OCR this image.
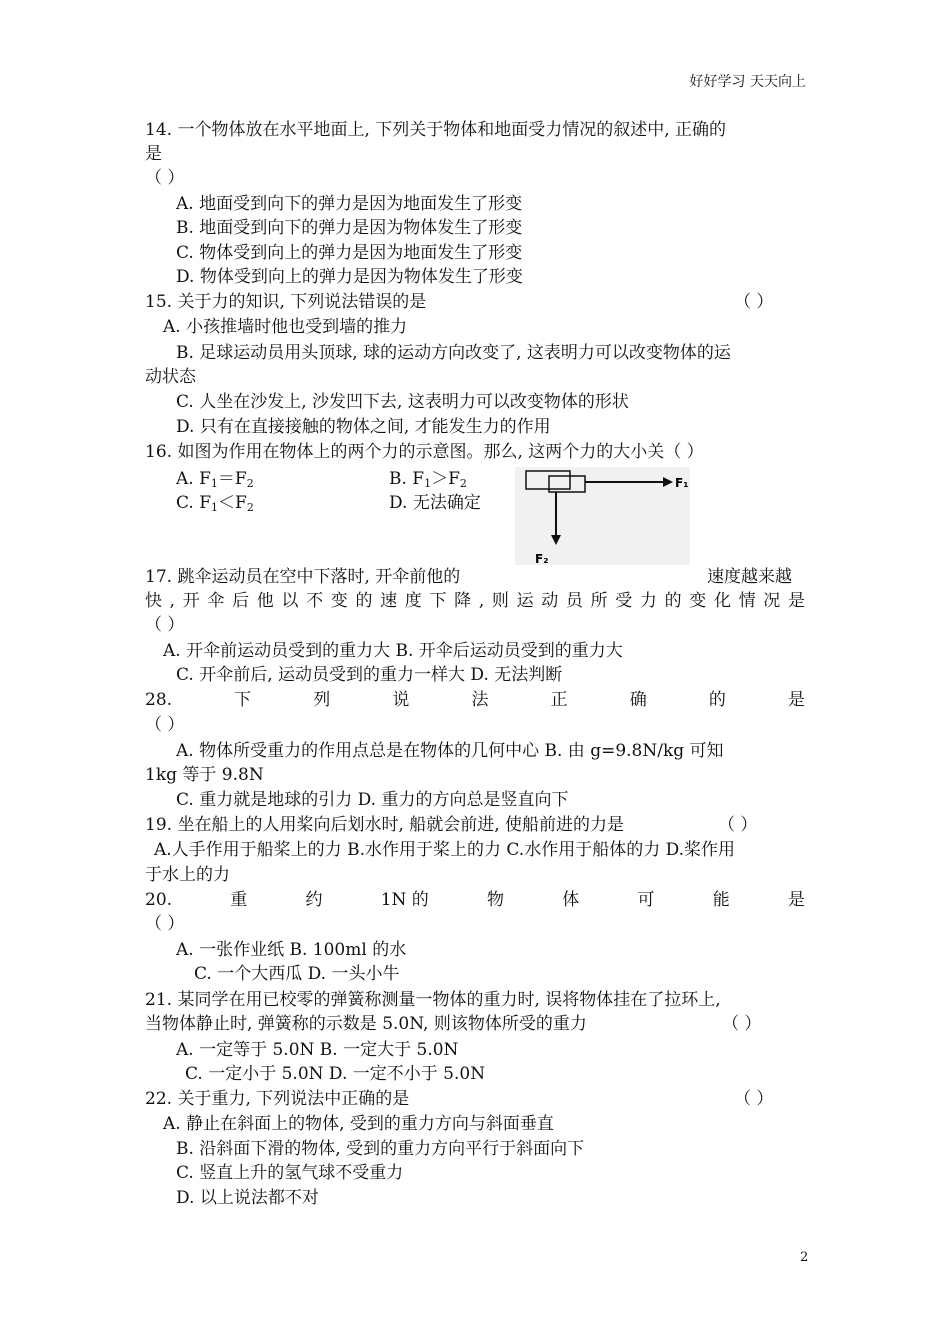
好好学习 天天向上
14. 一个物体放在水平地面上, 下列关于物体和地面受力情况的叙述中, 正确的
是
（ ）
A. 地面受到向下的弹力是因为地面发生了形变
B. 地面受到向下的弹力是因为物体发生了形变
C. 物体受到向上的弹力是因为地面发生了形变
D. 物体受到向上的弹力是因为物体发生了形变
15. 关于力的知识, 下列说法错误的是	（ ）
A. 小孩推墙时他也受到墙的推力
B. 足球运动员用头顶球, 球的运动方向改变了, 这表明力可以改变物体的运
动状态
C. 人坐在沙发上, 沙发凹下去, 这表明力可以改变物体的形状
D. 只有在直接接触的物体之间, 才能发生力的作用
16. 如图为作用在物体上的两个力的示意图。那么, 这两个力的大小关（ ）
A. $F_1=F_2$	B. $F_1>F_2$
C. $F_1<F_2$	D. 无法确定
F₁
F₂
17. 跳伞运动员在空中下落时, 开伞前他的	速度越来越
快 , 开 伞 后 他 以 不 变 的 速 度 下 降 , 则 运 动 员 所 受 力 的 变 化 情 况 是
（ ）
A. 开伞前运动员受到的重力大 B. 开伞后运动员受到的重力大
C. 开伞前后, 运动员受到的重力一样大 D. 无法判断
28.	下	列	说	法	正	确	的	是
（ ）
A. 物体所受重力的作用点总是在物体的几何中心 B. 由 g=9.8N/kg 可知
1kg 等于 9.8N
C. 重力就是地球的引力 D. 重力的方向总是竖直向下
19. 坐在船上的人用桨向后划水时, 船就会前进, 使船前进的力是	（ ）
A.人手作用于船桨上的力 B.水作用于桨上的力 C.水作用于船体的力 D.桨作用
于水上的力
20.	重	约	1N 的	物	体	可	能	是
（ ）
A. 一张作业纸 B. 100ml 的水
C. 一个大西瓜 D. 一头小牛
21. 某同学在用已校零的弹簧称测量一物体的重力时, 误将物体挂在了拉环上,
当物体静止时, 弹簧称的示数是 5.0N, 则该物体所受的重力	（ ）
A. 一定等于 5.0N B. 一定大于 5.0N
C. 一定小于 5.0N D. 一定不小于 5.0N
22. 关于重力, 下列说法中正确的是	（ ）
A. 静止在斜面上的物体, 受到的重力方向与斜面垂直
B. 沿斜面下滑的物体, 受到的重力方向平行于斜面向下
C. 竖直上升的氢气球不受重力
D. 以上说法都不对
2
